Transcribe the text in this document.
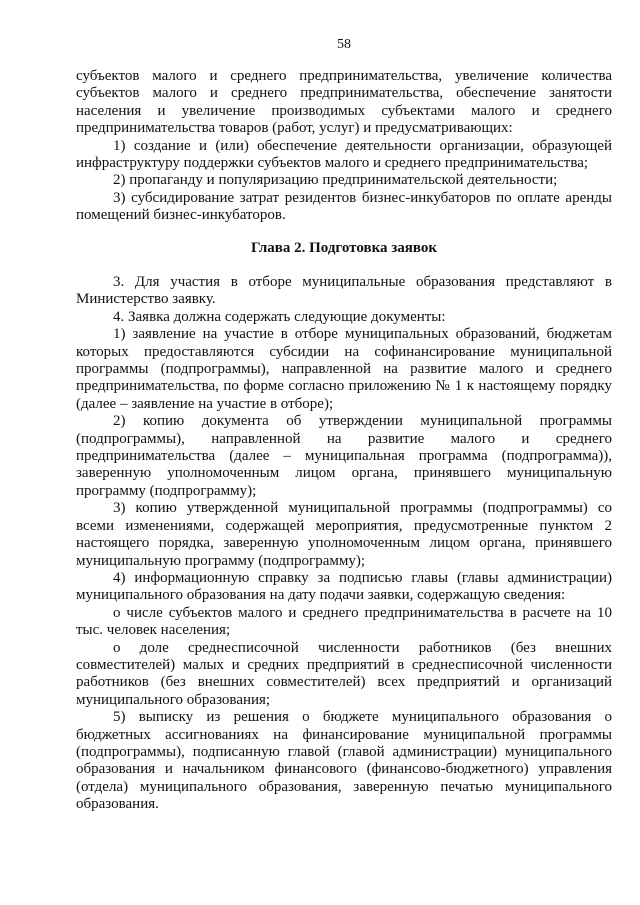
58

субъектов малого и среднего предпринимательства, увеличение количества субъектов малого и среднего предпринимательства, обеспечение занятости населения и увеличение производимых субъектами малого и среднего предпринимательства товаров (работ, услуг) и предусматривающих:

1) создание и (или) обеспечение деятельности организации, образующей инфраструктуру поддержки субъектов малого и среднего предпринимательства;

2) пропаганду и популяризацию предпринимательской деятельности;

3) субсидирование затрат резидентов бизнес-инкубаторов по оплате аренды помещений бизнес-инкубаторов.

Глава 2. Подготовка заявок

3. Для участия в отборе муниципальные образования представляют в Министерство заявку.

4. Заявка должна содержать следующие документы:

1) заявление на участие в отборе муниципальных образований, бюджетам которых предоставляются субсидии на софинансирование муниципальной программы (подпрограммы), направленной на развитие малого и среднего предпринимательства, по форме согласно приложению № 1 к настоящему порядку (далее – заявление на участие в отборе);

2) копию документа об утверждении муниципальной программы (подпрограммы), направленной на развитие малого и среднего предпринимательства (далее – муниципальная программа (подпрограмма)), заверенную уполномоченным лицом органа, принявшего муниципальную программу (подпрограмму);

3) копию утвержденной муниципальной программы (подпрограммы) со всеми изменениями, содержащей мероприятия, предусмотренные пунктом 2 настоящего порядка, заверенную уполномоченным лицом органа, принявшего муниципальную программу (подпрограмму);

4) информационную справку за подписью главы (главы администрации) муниципального образования на дату подачи заявки, содержащую сведения:

о числе субъектов малого и среднего предпринимательства в расчете на 10 тыс. человек населения;

о доле среднесписочной численности работников (без внешних совместителей) малых и средних предприятий в среднесписочной численности работников (без внешних совместителей) всех предприятий и организаций муниципального образования;

5) выписку из решения о бюджете муниципального образования о бюджетных ассигнованиях на финансирование муниципальной программы (подпрограммы), подписанную главой (главой администрации) муниципального образования и начальником финансового (финансово-бюджетного) управления (отдела) муниципального образования, заверенную печатью муниципального образования.
